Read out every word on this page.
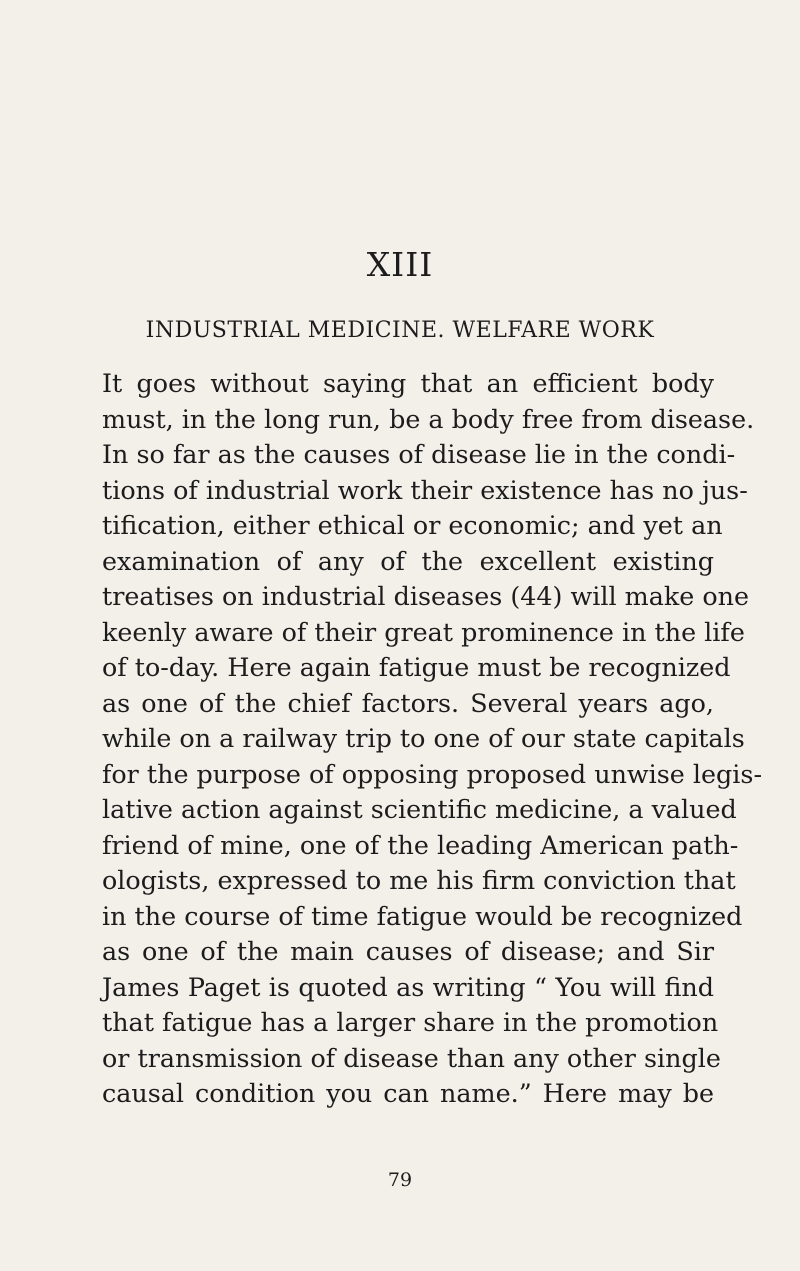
XIII
INDUSTRIAL MEDICINE. WELFARE WORK
It goes without saying that an efficient body
must, in the long run, be a body free from disease.
In so far as the causes of disease lie in the condi-
tions of industrial work their existence has no jus-
tification, either ethical or economic; and yet an
examination of any of the excellent existing
treatises on industrial diseases (44) will make one
keenly aware of their great prominence in the life
of to-day. Here again fatigue must be recognized
as one of the chief factors. Several years ago,
while on a railway trip to one of our state capitals
for the purpose of opposing proposed unwise legis-
lative action against scientific medicine, a valued
friend of mine, one of the leading American path-
ologists, expressed to me his firm conviction that
in the course of time fatigue would be recognized
as one of the main causes of disease; and Sir
James Paget is quoted as writing “ You will find
that fatigue has a larger share in the promotion
or transmission of disease than any other single
causal condition you can name.” Here may be
79
